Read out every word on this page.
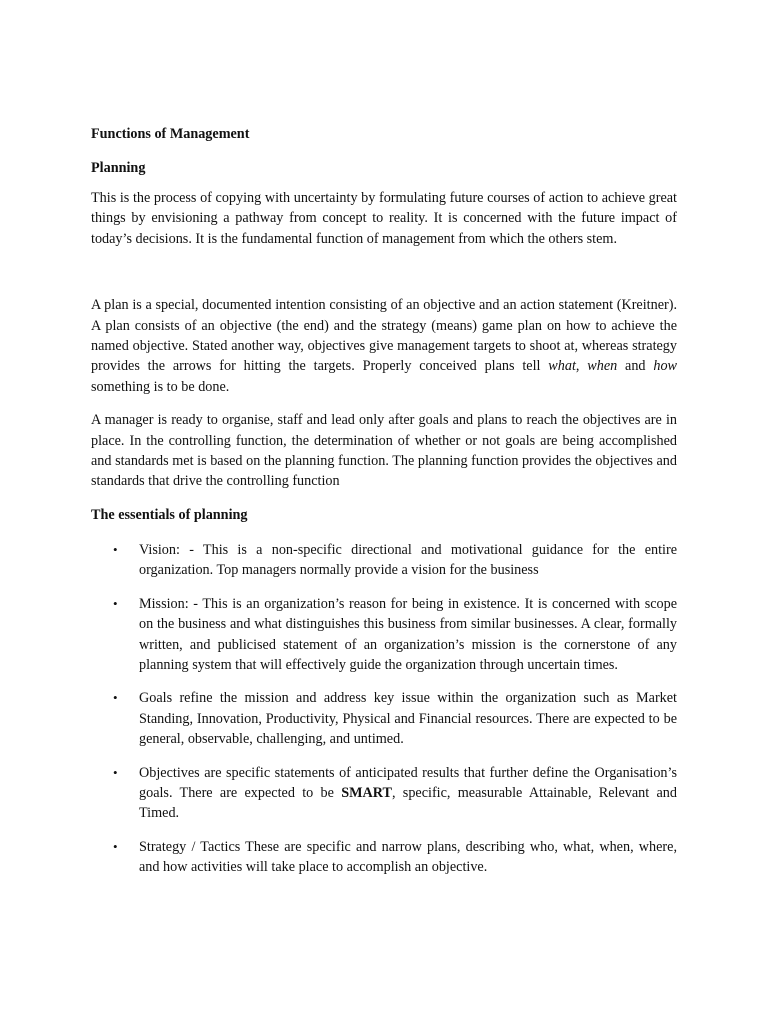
Functions of Management

Planning

This is the process of copying with uncertainty by formulating future courses of action to achieve great things by envisioning a pathway from concept to reality. It is concerned with the future impact of today’s decisions. It is the fundamental function of management from which the others stem.

A plan is a special, documented intention consisting of an objective and an action statement (Kreitner). A plan consists of an objective (the end) and the strategy (means) game plan on how to achieve the named objective. Stated another way, objectives give management targets to shoot at, whereas strategy provides the arrows for hitting the targets. Properly conceived plans tell what, when and how something is to be done.

A manager is ready to organise, staff and lead only after goals and plans to reach the objectives are in place. In the controlling function, the determination of whether or not goals are being accomplished and standards met is based on the planning function. The planning function provides the objectives and standards that drive the controlling function

The essentials of planning

• Vision: - This is a non-specific directional and motivational guidance for the entire organization. Top managers normally provide a vision for the business
• Mission: - This is an organization’s reason for being in existence. It is concerned with scope on the business and what distinguishes this business from similar businesses. A clear, formally written, and publicised statement of an organization’s mission is the cornerstone of any planning system that will effectively guide the organization through uncertain times.
• Goals refine the mission and address key issue within the organization such as Market Standing, Innovation, Productivity, Physical and Financial resources. There are expected to be general, observable, challenging, and untimed.
• Objectives are specific statements of anticipated results that further define the Organisation’s goals. There are expected to be SMART, specific, measurable Attainable, Relevant and Timed.
• Strategy / Tactics These are specific and narrow plans, describing who, what, when, where, and how activities will take place to accomplish an objective.
